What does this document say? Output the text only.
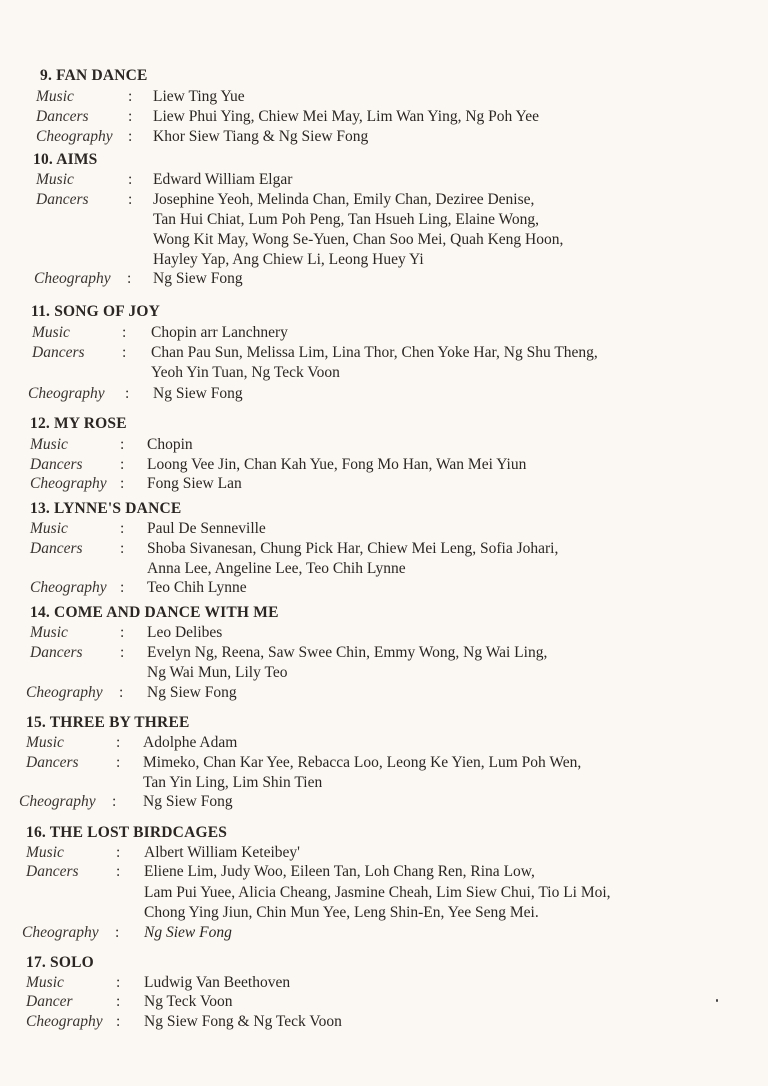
9. FAN DANCE
Music	: Liew Ting Yue
Dancers	: Liew Phui Ying, Chiew Mei May, Lim Wan Ying, Ng Poh Yee
Cheography : Khor Siew Tiang & Ng Siew Fong
10. AIMS
Music	: Edward William Elgar
Dancers	: Josephine Yeoh, Melinda Chan, Emily Chan, Deziree Denise,
Tan Hui Chiat, Lum Poh Peng, Tan Hsueh Ling, Elaine Wong,
Wong Kit May, Wong Se-Yuen, Chan Soo Mei, Quah Keng Hoon,
Hayley Yap, Ang Chiew Li, Leong Huey Yi
Cheography : Ng Siew Fong
11. SONG OF JOY
Music	: Chopin arr Lanchnery
Dancers : Chan Pau Sun, Melissa Lim, Lina Thor, Chen Yoke Har, Ng Shu Theng,
Yeoh Yin Tuan, Ng Teck Voon
Cheography : Ng Siew Fong
12. MY ROSE
Music	: Chopin
Dancers : Loong Vee Jin, Chan Kah Yue, Fong Mo Han, Wan Mei Yiun
Cheography : Fong Siew Lan
13. LYNNE'S DANCE
Music	: Paul De Senneville
Dancers : Shoba Sivanesan, Chung Pick Har, Chiew Mei Leng, Sofia Johari,
Anna Lee, Angeline Lee, Teo Chih Lynne
Cheography : Teo Chih Lynne
14. COME AND DANCE WITH ME
Music	: Leo Delibes
Dancers : Evelyn Ng, Reena, Saw Swee Chin, Emmy Wong, Ng Wai Ling,
Ng Wai Mun, Lily Teo
Cheography : Ng Siew Fong
15. THREE BY THREE
Music	: Adolphe Adam
Dancers : Mimeko, Chan Kar Yee, Rebacca Loo, Leong Ke Yien, Lum Poh Wen,
Tan Yin Ling, Lim Shin Tien
Cheography : Ng Siew Fong
16. THE LOST BIRDCAGES
Music	: Albert William Keteibey'
Dancers : Eliene Lim, Judy Woo, Eileen Tan, Loh Chang Ren, Rina Low,
Lam Pui Yuee, Alicia Cheang, Jasmine Cheah, Lim Siew Chui, Tio Li Moi,
Chong Ying Jiun, Chin Mun Yee, Leng Shin-En, Yee Seng Mei.
Cheography : Ng Siew Fong
17. SOLO
Music	: Ludwig Van Beethoven
Dancer	: Ng Teck Voon
Cheography : Ng Siew Fong & Ng Teck Voon
